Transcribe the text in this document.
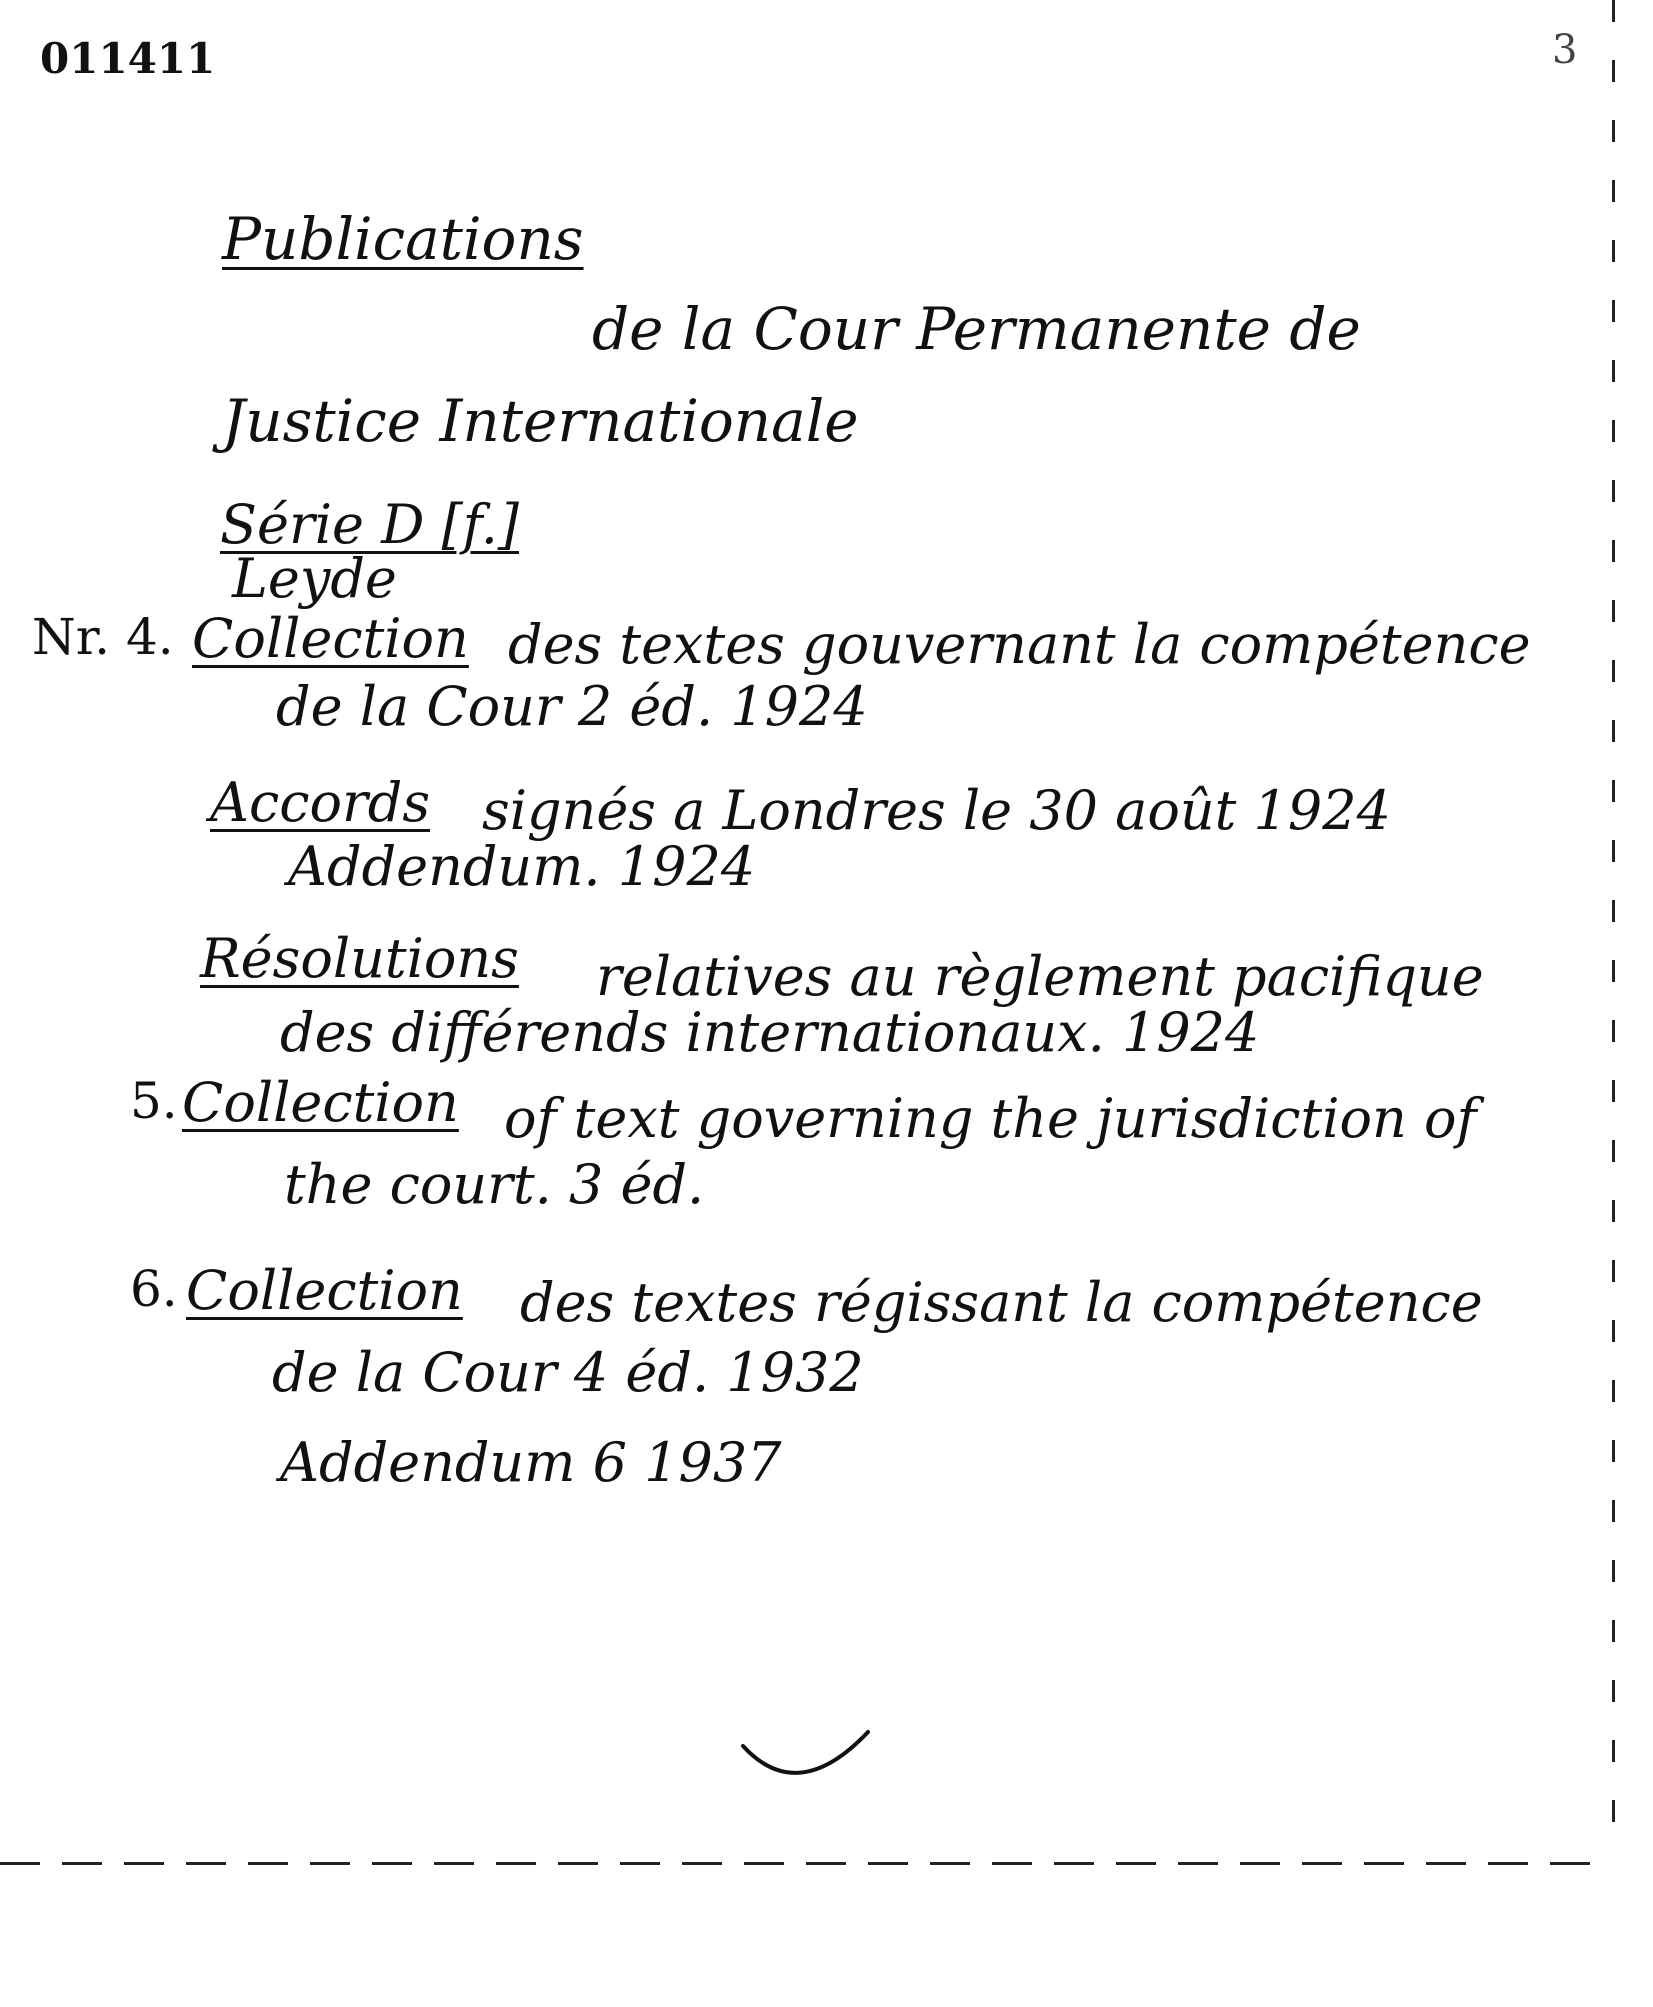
011411	3
Publications
de la Cour Permanente de
Justice Internationale
Série D [f.]
Leyde
Nr. 4. Collection des textes gouvernant la compétence
de la Cour 2 éd. 1924
Accords signés a Londres le 30 août 1924
Addendum. 1924
Résolutions relatives au règlement pacifique
des différends internationaux. 1924
5. Collection of text governing the jurisdiction of
the court. 3 éd.
6. Collection des textes régissant la compétence
de la Cour 4 éd. 1932
Addendum 6 1937
